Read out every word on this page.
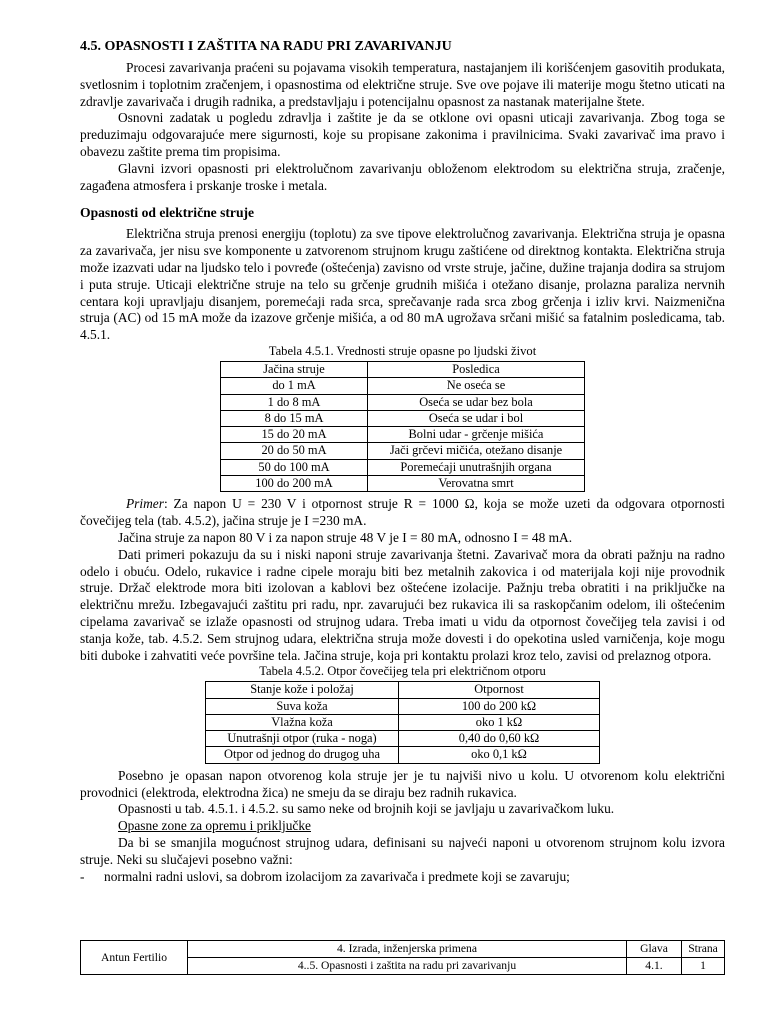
4.5. OPASNOSTI I ZAŠTITA NA RADU PRI ZAVARIVANJU

Procesi zavarivanja praćeni su pojavama visokih temperatura, nastajanjem ili korišćenjem gasovitih produkata, svetlosnim i toplotnim zračenjem, i opasnostima od električne struje. Sve ove pojave ili materije mogu štetno uticati na zdravlje zavarivača i drugih radnika, a predstavljaju i potencijalnu opasnost za nastanak materijalne štete.

Osnovni zadatak u pogledu zdravlja i zaštite je da se otklone ovi opasni uticaji zavarivanja. Zbog toga se preduzimaju odgovarajuće mere sigurnosti, koje su propisane zakonima i pravilnicima. Svaki zavarivač ima pravo i obavezu zaštite prema tim propisima.

Glavni izvori opasnosti pri elektrolučnom zavarivanju obloženom elektrodom su električna struja, zračenje, zagađena atmosfera i prskanje troske i metala.

Opasnosti od električne struje

Električna struja prenosi energiju (toplotu) za sve tipove elektrolučnog zavarivanja. Električna struja je opasna za zavarivača, jer nisu sve komponente u zatvorenom strujnom krugu zaštićene od direktnog kontakta. Električna struja može izazvati udar na ljudsko telo i povređe (oštećenja) zavisno od vrste struje, jačine, dužine trajanja dodira sa strujom i puta struje. Uticaji električne struje na telo su grčenje grudnih mišića i otežano disanje, prolazna paraliza nervnih centara koji upravljaju disanjem, poremećaji rada srca, sprečavanje rada srca zbog grčenja i izliv krvi. Naizmenična struja (AC) od 15 mA može da izazove grčenje mišića, a od 80 mA ugrožava srčani mišić sa fatalnim posledicama, tab. 4.5.1.

Tabela 4.5.1. Vrednosti struje opasne po ljudski život
Jačina struje	Posledica
do 1 mA	Ne oseća se
1 do 8 mA	Oseća se udar bez bola
8 do 15 mA	Oseća se udar i bol
15 do 20 mA	Bolni udar - grčenje mišića
20 do 50 mA	Jači grčevi mičića, otežano disanje
50 do 100 mA	Poremećaji unutrašnjih organa
100 do 200 mA	Verovatna smrt

Primer: Za napon U = 230 V i otpornost struje R = 1000 Ω, koja se može uzeti da odgovara otpornosti čovečijeg tela (tab. 4.5.2), jačina struje je I =230 mA.

Jačina struje za napon 80 V i za napon struje 48 V je I = 80 mA, odnosno I = 48 mA.

Dati primeri pokazuju da su i niski naponi struje zavarivanja štetni. Zavarivač mora da obrati pažnju na radno odelo i obuću. Odelo, rukavice i radne cipele moraju biti bez metalnih zakovica i od materijala koji nije provodnik struje. Držač elektrode mora biti izolovan a kablovi bez oštećene izolacije. Pažnju treba obratiti i na priključke na električnu mrežu. Izbegavajući zaštitu pri radu, npr. zavarujući bez rukavica ili sa raskopčanim odelom, ili oštećenim cipelama zavarivač se izlaže opasnosti od strujnog udara. Treba imati u vidu da otpornost čovečijeg tela zavisi i od stanja kože, tab. 4.5.2. Sem strujnog udara, električna struja može dovesti i do opekotina usled varničenja, koje mogu biti duboke i zahvatiti veće površine tela. Jačina struje, koja pri kontaktu prolazi kroz telo, zavisi od prelaznog otpora.

Tabela 4.5.2. Otpor čovečijeg tela pri električnom otporu
Stanje kože i položaj	Otpornost
Suva koža	100 do 200 kΩ
Vlažna koža	oko 1 kΩ
Unutrašnji otpor (ruka - noga)	0,40 do 0,60 kΩ
Otpor od jednog do drugog uha	oko 0,1 kΩ

Posebno je opasan napon otvorenog kola struje jer je tu najviši nivo u kolu. U otvorenom kolu električni provodnici (elektroda, elektrodna žica) ne smeju da se diraju bez radnih rukavica.

Opasnosti u tab. 4.5.1. i 4.5.2. su samo neke od brojnih koji se javljaju u zavarivačkom luku.

Opasne zone za opremu i priključke

Da bi se smanjila mogućnost strujnog udara, definisani su najveći naponi u otvorenom strujnom kolu izvora struje. Neki su slučajevi posebno važni:

-	normalni radni uslovi, sa dobrom izolacijom za zavarivača i predmete koji se zavaruju;
Antun Fertilio	4. Izrada, inženjerska primena	Glava	Strana
	4..5. Opasnosti i zaštita na radu pri zavarivanju	4.1.	1
